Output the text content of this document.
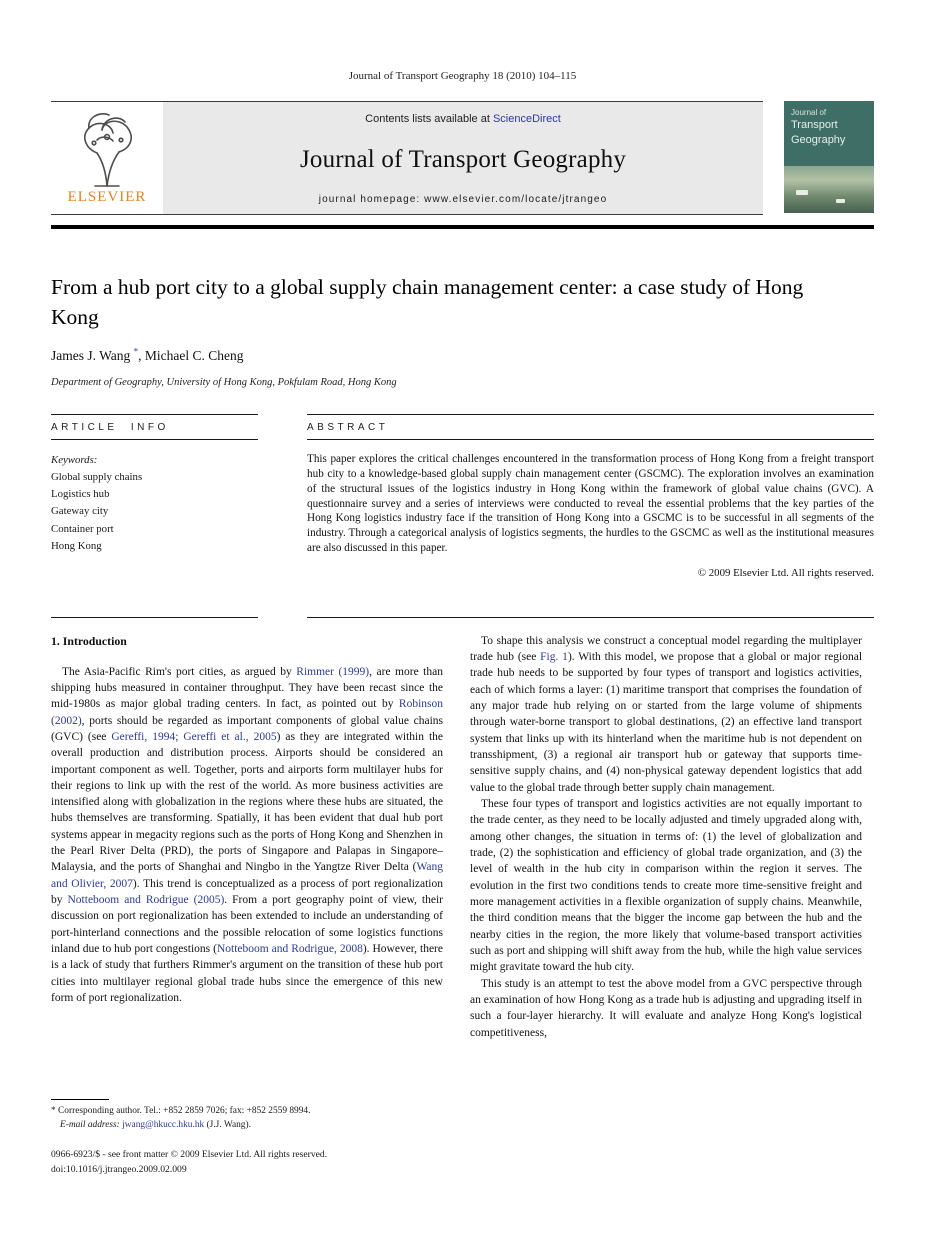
Journal of Transport Geography 18 (2010) 104–115
ELSEVIER
Contents lists available at ScienceDirect
Journal of Transport Geography
journal homepage: www.elsevier.com/locate/jtrangeo
Journal of
Transport
Geography
From a hub port city to a global supply chain management center: a case study of Hong Kong
James J. Wang *, Michael C. Cheng
Department of Geography, University of Hong Kong, Pokfulam Road, Hong Kong
ARTICLE INFO
Keywords:
Global supply chains
Logistics hub
Gateway city
Container port
Hong Kong
ABSTRACT
This paper explores the critical challenges encountered in the transformation process of Hong Kong from a freight transport hub city to a knowledge-based global supply chain management center (GSCMC). The exploration involves an examination of the structural issues of the logistics industry in Hong Kong within the framework of global value chains (GVC). A questionnaire survey and a series of interviews were conducted to reveal the essential problems that the key parties of the Hong Kong logistics industry face if the transition of Hong Kong into a GSCMC is to be successful in all segments of the industry. Through a categorical analysis of logistics segments, the hurdles to the GSCMC as well as the institutional measures are also discussed in this paper.
© 2009 Elsevier Ltd. All rights reserved.
1. Introduction

The Asia-Pacific Rim's port cities, as argued by Rimmer (1999), are more than shipping hubs measured in container throughput. They have been recast since the mid-1980s as major global trading centers. In fact, as pointed out by Robinson (2002), ports should be regarded as important components of global value chains (GVC) (see Gereffi, 1994; Gereffi et al., 2005) as they are integrated within the overall production and distribution process. Airports should be considered an important component as well. Together, ports and airports form multilayer hubs for their regions to link up with the rest of the world. As more business activities are intensified along with globalization in the regions where these hubs are situated, the hubs themselves are transforming. Spatially, it has been evident that dual hub port systems appear in megacity regions such as the ports of Hong Kong and Shenzhen in the Pearl River Delta (PRD), the ports of Singapore and Palapas in Singapore–Malaysia, and the ports of Shanghai and Ningbo in the Yangtze River Delta (Wang and Olivier, 2007). This trend is conceptualized as a process of port regionalization by Notteboom and Rodrigue (2005). From a port geography point of view, their discussion on port regionalization has been extended to include an understanding of port-hinterland connections and the possible relocation of some logistics functions inland due to hub port congestions (Notteboom and Rodrigue, 2008). However, there is a lack of study that furthers Rimmer's argument on the transition of these hub port cities into multilayer regional global trade hubs since the emergence of this new form of port regionalization.

To shape this analysis we construct a conceptual model regarding the multiplayer trade hub (see Fig. 1). With this model, we propose that a global or major regional trade hub needs to be supported by four types of transport and logistics activities, each of which forms a layer: (1) maritime transport that comprises the foundation of any major trade hub relying on or started from the large volume of shipments through water-borne transport to global destinations, (2) an effective land transport system that links up with its hinterland when the maritime hub is not dependent on transshipment, (3) a regional air transport hub or gateway that supports time-sensitive supply chains, and (4) non-physical gateway dependent logistics that add value to the global trade through better supply chain management.

These four types of transport and logistics activities are not equally important to the trade center, as they need to be locally adjusted and timely upgraded along with, among other changes, the situation in terms of: (1) the level of globalization and trade, (2) the sophistication and efficiency of global trade organization, and (3) the level of wealth in the hub city in comparison within the region it serves. The evolution in the first two conditions tends to create more time-sensitive freight and more management activities in a flexible organization of supply chains. Meanwhile, the third condition means that the bigger the income gap between the hub and the nearby cities in the region, the more likely that volume-based transport activities such as port and shipping will shift away from the hub, while the high value services might gravitate toward the hub city.

This study is an attempt to test the above model from a GVC perspective through an examination of how Hong Kong as a trade hub is adjusting and upgrading itself in such a four-layer hierarchy. It will evaluate and analyze Hong Kong's logistical competitiveness,

* Corresponding author. Tel.: +852 2859 7026; fax: +852 2559 8994.
E-mail address: jwang@hkucc.hku.hk (J.J. Wang).
0966-6923/$ - see front matter © 2009 Elsevier Ltd. All rights reserved.
doi:10.1016/j.jtrangeo.2009.02.009
